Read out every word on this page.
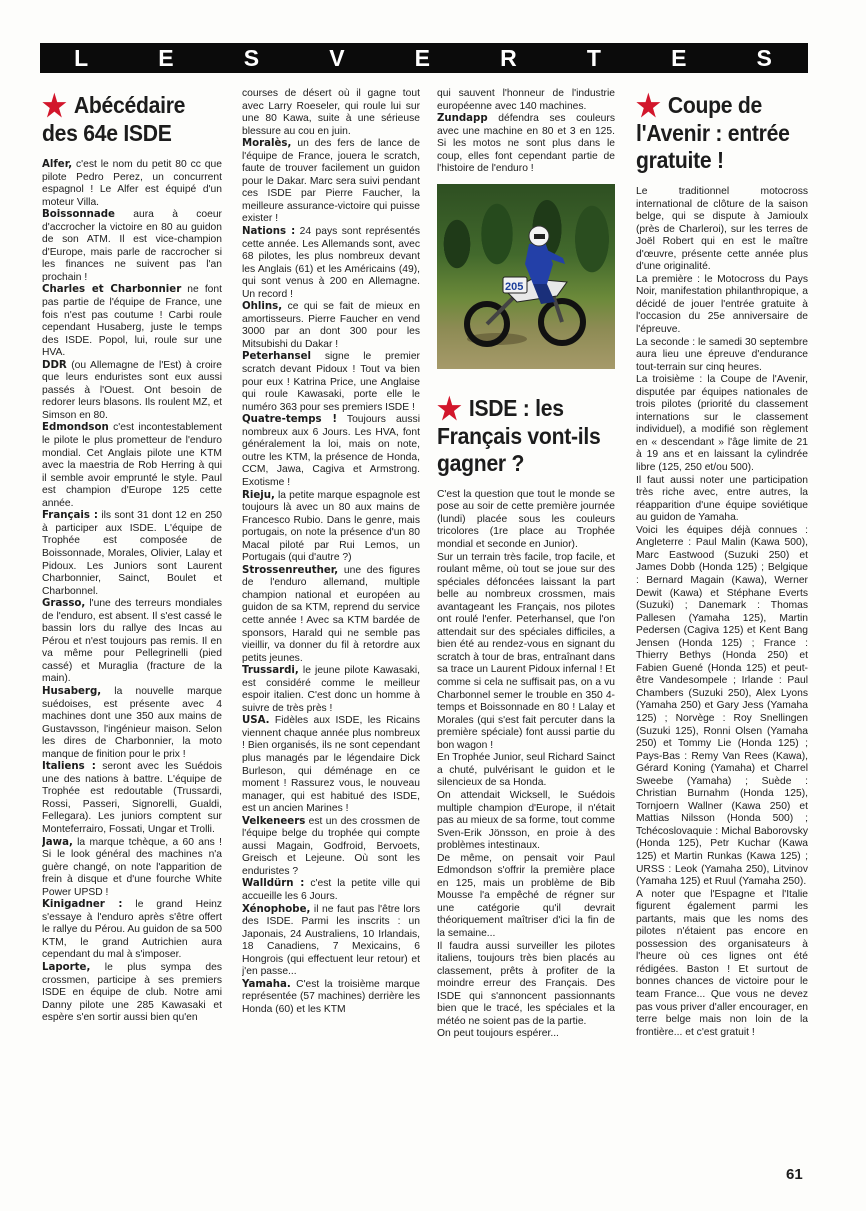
L	E	S	V	E	R	T	E	S
★ Abécédaire des 64e ISDE

Alfer, c'est le nom du petit 80 cc que pilote Pedro Perez, un concurrent espagnol ! Le Alfer est équipé d'un moteur Villa.

Boissonnade aura à coeur d'accrocher la victoire en 80 au guidon de son ATM. Il est vice-champion d'Europe, mais parle de raccrocher si les finances ne suivent pas l'an prochain !

Charles et Charbonnier ne font pas partie de l'équipe de France, une fois n'est pas coutume ! Carbi roule cependant Husaberg, juste le temps des ISDE. Popol, lui, roule sur une HVA.

DDR (ou Allemagne de l'Est) à croire que leurs enduristes sont eux aussi passés à l'Ouest. Ont besoin de redorer leurs blasons. Ils roulent MZ, et Simson en 80.

Edmondson c'est incontestablement le pilote le plus prometteur de l'enduro mondial. Cet Anglais pilote une KTM avec la maestria de Rob Herring à qui il semble avoir emprunté le style. Paul est champion d'Europe 125 cette année.

Français : ils sont 31 dont 12 en 250 à participer aux ISDE. L'équipe de Trophée est composée de Boissonnade, Morales, Olivier, Lalay et Pidoux. Les Juniors sont Laurent Charbonnier, Sainct, Boulet et Charbonnel.

Grasso, l'une des terreurs mondiales de l'enduro, est absent. Il s'est cassé le bassin lors du rallye des Incas au Pérou et n'est toujours pas remis. Il en va même pour Pellegrinelli (pied cassé) et Muraglia (fracture de la main).

Husaberg, la nouvelle marque suédoises, est présente avec 4 machines dont une 350 aux mains de Gustavsson, l'ingénieur maison. Selon les dires de Charbonnier, la moto manque de finition pour le prix !

Italiens : seront avec les Suédois une des nations à battre. L'équipe de Trophée est redoutable (Trussardi, Rossi, Passeri, Signorelli, Gualdi, Fellegara). Les juniors comptent sur Monteferrairo, Fossati, Ungar et Trolli.

Jawa, la marque tchèque, a 60 ans ! Si le look général des machines n'a guère changé, on note l'apparition de frein à disque et d'une fourche White Power UPSD !

Kinigadner : le grand Heinz s'essaye à l'enduro après s'être offert le rallye du Pérou. Au guidon de sa 500 KTM, le grand Autrichien aura cependant du mal à s'imposer.

Laporte, le plus sympa des crossmen, participe à ses premiers ISDE en équipe de club. Notre ami Danny pilote une 285 Kawasaki et espère s'en sortir aussi bien qu'en

courses de désert où il gagne tout avec Larry Roeseler, qui roule lui sur une 80 Kawa, suite à une sérieuse blessure au cou en juin.

Moralès, un des fers de lance de l'équipe de France, jouera le scratch, faute de trouver facilement un guidon pour le Dakar. Marc sera suivi pendant ces ISDE par Pierre Faucher, la meilleure assurance-victoire qui puisse exister !

Nations : 24 pays sont représentés cette année. Les Allemands sont, avec 68 pilotes, les plus nombreux devant les Anglais (61) et les Américains (49), qui sont venus à 200 en Allemagne. Un record !

Ohlins, ce qui se fait de mieux en amortisseurs. Pierre Faucher en vend 3000 par an dont 300 pour les Mitsubishi du Dakar !

Peterhansel signe le premier scratch devant Pidoux ! Tout va bien pour eux ! Katrina Price, une Anglaise qui roule Kawasaki, porte elle le numéro 363 pour ses premiers ISDE !

Quatre-temps ! Toujours aussi nombreux aux 6 Jours. Les HVA, font généralement la loi, mais on note, outre les KTM, la présence de Honda, CCM, Jawa, Cagiva et Armstrong. Exotisme !

Rieju, la petite marque espagnole est toujours là avec un 80 aux mains de Francesco Rubio. Dans le genre, mais portugais, on note la présence d'un 80 Macal piloté par Rui Lemos, un Portugais (qui d'autre ?)

Strossenreuther, une des figures de l'enduro allemand, multiple champion national et européen au guidon de sa KTM, reprend du service cette année ! Avec sa KTM bardée de sponsors, Harald qui ne semble pas vieillir, va donner du fil à retordre aux petits jeunes.

Trussardi, le jeune pilote Kawasaki, est considéré comme le meilleur espoir italien. C'est donc un homme à suivre de très près !

USA. Fidèles aux ISDE, les Ricains viennent chaque année plus nombreux ! Bien organisés, ils ne sont cependant plus managés par le légendaire Dick Burleson, qui déménage en ce moment ! Rassurez vous, le nouveau manager, qui est habitué des ISDE, est un ancien Marines !

Velkeneers est un des crossmen de l'équipe belge du trophée qui compte aussi Magain, Godfroid, Bervoets, Greisch et Lejeune. Où sont les enduristes ?

Walldürn : c'est la petite ville qui accueille les 6 Jours.

Xénophobe, il ne faut pas l'être lors des ISDE. Parmi les inscrits : un Japonais, 24 Australiens, 10 Irlandais, 18 Canadiens, 7 Mexicains, 6 Hongrois (qui effectuent leur retour) et j'en passe...

Yamaha. C'est la troisième marque représentée (57 machines) derrière les Honda (60) et les KTM

qui sauvent l'honneur de l'industrie européenne avec 140 machines.

Zundapp défendra ses couleurs avec une machine en 80 et 3 en 125. Si les motos ne sont plus dans le coup, elles font cependant partie de l'histoire de l'enduro !

205
★ ISDE : les Français vont-ils gagner ?

C'est la question que tout le monde se pose au soir de cette première journée (lundi) placée sous les couleurs tricolores (1re place au Trophée mondial et seconde en Junior).

Sur un terrain très facile, trop facile, et roulant même, où tout se joue sur des spéciales défoncées laissant la part belle au nombreux crossmen, mais avantageant les Français, nos pilotes ont roulé l'enfer. Peterhansel, que l'on attendait sur des spéciales difficiles, a bien été au rendez-vous en signant du scratch à tour de bras, entraînant dans sa trace un Laurent Pidoux infernal ! Et comme si cela ne suffisait pas, on a vu Charbonnel semer le trouble en 350 4-temps et Boissonnade en 80 ! Lalay et Morales (qui s'est fait percuter dans la première spéciale) font aussi partie du bon wagon !

En Trophée Junior, seul Richard Sainct a chuté, pulvérisant le guidon et le silencieux de sa Honda.

On attendait Wicksell, le Suédois multiple champion d'Europe, il n'était pas au mieux de sa forme, tout comme Sven-Erik Jönsson, en proie à des problèmes intestinaux.

De même, on pensait voir Paul Edmondson s'offrir la première place en 125, mais un problème de Bib Mousse l'a empêché de régner sur une catégorie qu'il devrait théoriquement maîtriser d'ici la fin de la semaine...

Il faudra aussi surveiller les pilotes italiens, toujours très bien placés au classement, prêts à profiter de la moindre erreur des Français. Des ISDE qui s'annoncent passionnants bien que le tracé, les spéciales et la météo ne soient pas de la partie.

On peut toujours espérer...

★ Coupe de l'Avenir : entrée gratuite !

Le traditionnel motocross international de clôture de la saison belge, qui se dispute à Jamioulx (près de Charleroi), sur les terres de Joël Robert qui en est le maître d'œuvre, présente cette année plus d'une originalité.

La première : le Motocross du Pays Noir, manifestation philanthropique, a décidé de jouer l'entrée gratuite à l'occasion du 25e anniversaire de l'épreuve.

La seconde : le samedi 30 septembre aura lieu une épreuve d'endurance tout-terrain sur cinq heures.

La troisième : la Coupe de l'Avenir, disputée par équipes nationales de trois pilotes (priorité du classement internations sur le classement individuel), a modifié son règlement en « descendant » l'âge limite de 21 à 19 ans et en laissant la cylindrée libre (125, 250 et/ou 500).

Il faut aussi noter une participation très riche avec, entre autres, la réapparition d'une équipe soviétique au guidon de Yamaha.

Voici les équipes déjà connues : Angleterre : Paul Malin (Kawa 500), Marc Eastwood (Suzuki 250) et James Dobb (Honda 125) ; Belgique : Bernard Magain (Kawa), Werner Dewit (Kawa) et Stéphane Everts (Suzuki) ; Danemark : Thomas Pallesen (Yamaha 125), Martin Pedersen (Cagiva 125) et Kent Bang Jensen (Honda 125) ; France : Thierry Bethys (Honda 250) et Fabien Guené (Honda 125) et peut-être Vandesompele ; Irlande : Paul Chambers (Suzuki 250), Alex Lyons (Yamaha 250) et Gary Jess (Yamaha 125) ; Norvège : Roy Snellingen (Suzuki 125), Ronni Olsen (Yamaha 250) et Tommy Lie (Honda 125) ; Pays-Bas : Remy Van Rees (Kawa), Gérard Koning (Yamaha) et Charrel Sweebe (Yamaha) ; Suède : Christian Burnahm (Honda 125), Tornjoern Wallner (Kawa 250) et Mattias Nilsson (Honda 500) ; Tchécoslovaquie : Michal Baborovsky (Honda 125), Petr Kuchar (Kawa 125) et Martin Runkas (Kawa 125) ; URSS : Leok (Yamaha 250), Litvinov (Yamaha 125) et Ruul (Yamaha 250).

A noter que l'Espagne et l'Italie figurent également parmi les partants, mais que les noms des pilotes n'étaient pas encore en possession des organisateurs à l'heure où ces lignes ont été rédigées. Baston ! Et surtout de bonnes chances de victoire pour le team France... Que vous ne devez pas vous priver d'aller encourager, en terre belge mais non loin de la frontière... et c'est gratuit !

61
